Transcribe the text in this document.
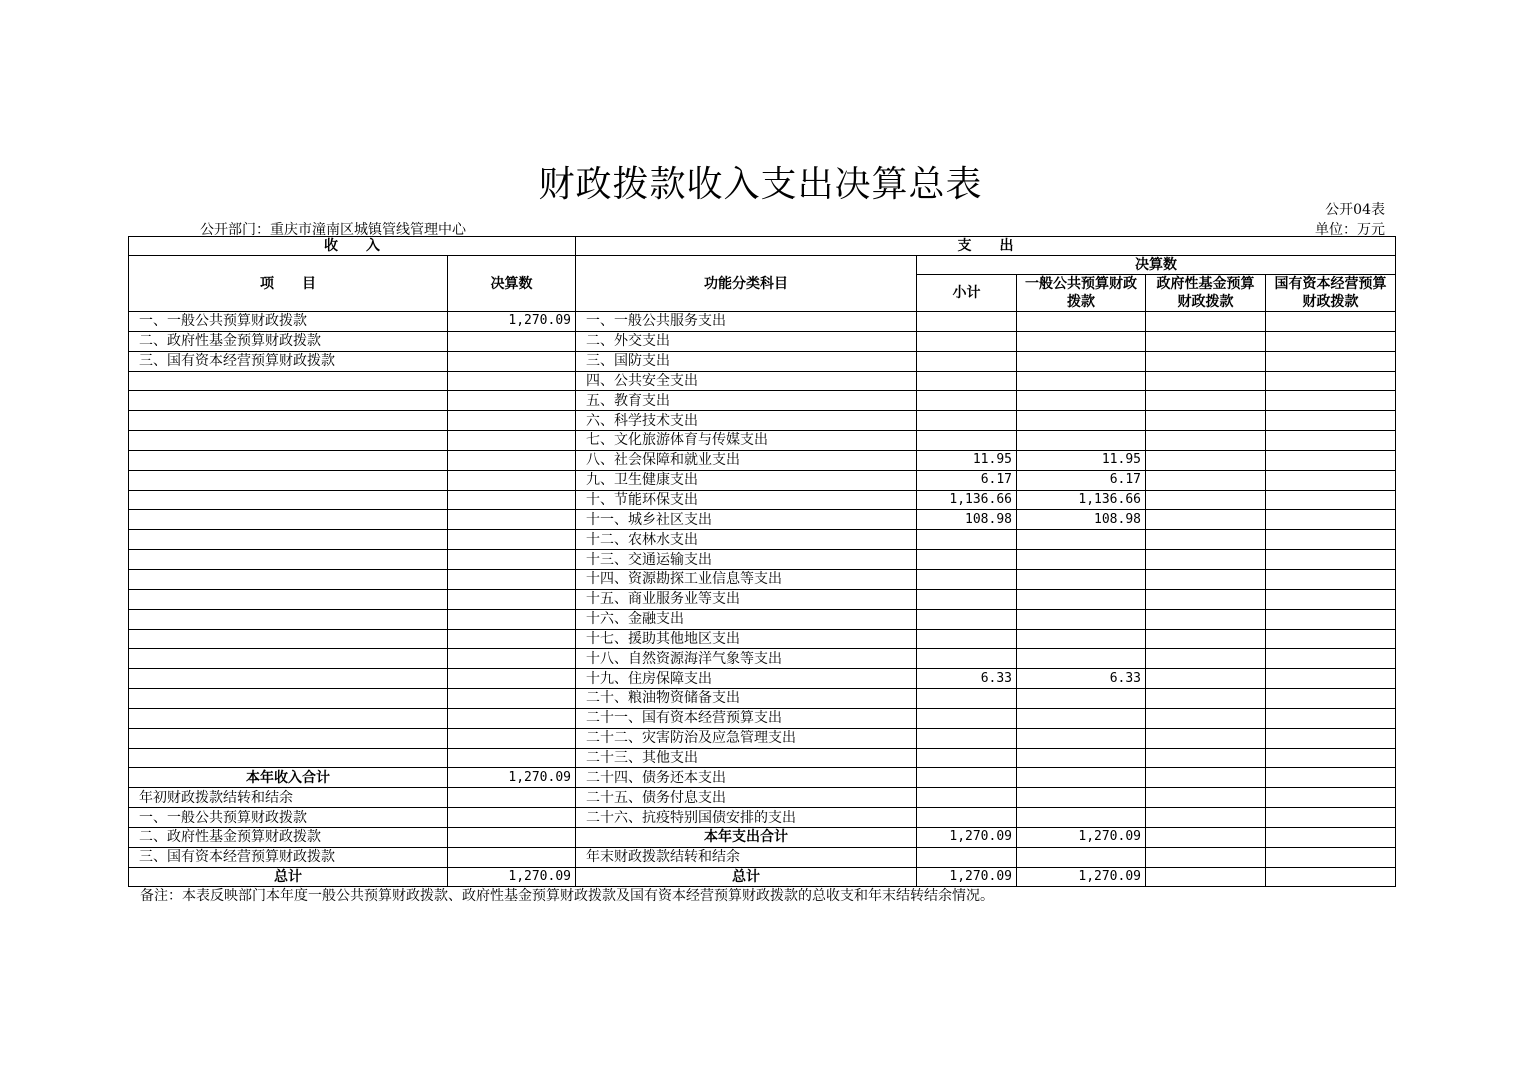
财政拨款收入支出决算总表
公开04表
公开部门：重庆市潼南区城镇管线管理中心	单位：万元
收　　入		支　　出				
项　　目	决算数	功能分类科目	决算数			
			小计	一般公共预算财政拨款	政府性基金预算财政拨款	国有资本经营预算财政拨款
一、一般公共预算财政拨款	1,270.09	一、一般公共服务支出				
二、政府性基金预算财政拨款		二、外交支出				
三、国有资本经营预算财政拨款		三、国防支出				
		四、公共安全支出				
		五、教育支出				
		六、科学技术支出				
		七、文化旅游体育与传媒支出				
		八、社会保障和就业支出	11.95	11.95		
		九、卫生健康支出	6.17	6.17		
		十、节能环保支出	1,136.66	1,136.66		
		十一、城乡社区支出	108.98	108.98		
		十二、农林水支出				
		十三、交通运输支出				
		十四、资源勘探工业信息等支出				
		十五、商业服务业等支出				
		十六、金融支出				
		十七、援助其他地区支出				
		十八、自然资源海洋气象等支出				
		十九、住房保障支出	6.33	6.33		
		二十、粮油物资储备支出				
		二十一、国有资本经营预算支出				
		二十二、灾害防治及应急管理支出				
		二十三、其他支出				
本年收入合计	1,270.09	二十四、债务还本支出				
年初财政拨款结转和结余		二十五、债务付息支出				
一、一般公共预算财政拨款		二十六、抗疫特别国债安排的支出				
二、政府性基金预算财政拨款		本年支出合计	1,270.09	1,270.09		
三、国有资本经营预算财政拨款		年末财政拨款结转和结余				
总计	1,270.09	总计	1,270.09	1,270.09		
备注：本表反映部门本年度一般公共预算财政拨款、政府性基金预算财政拨款及国有资本经营预算财政拨款的总收支和年末结转结余情况。
